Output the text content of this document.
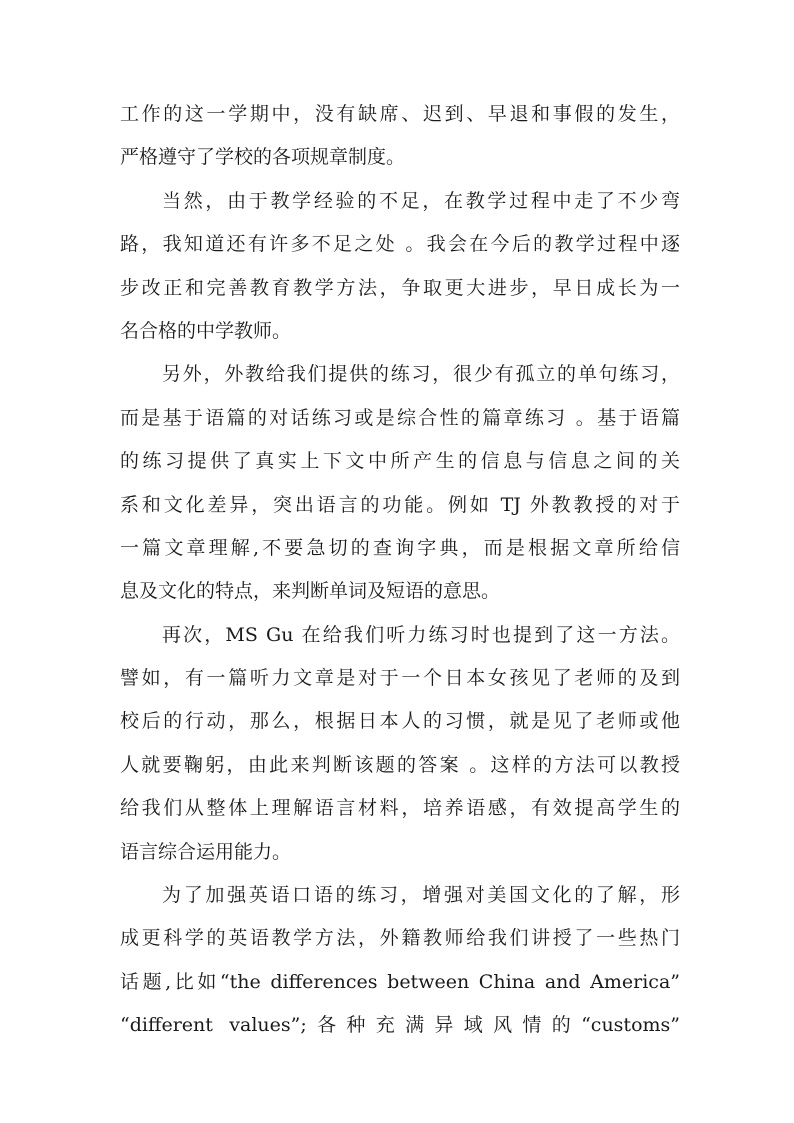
工作的这一学期中，没有缺席、迟到、早退和事假的发生，
严格遵守了学校的各项规章制度。
当然，由于教学经验的不足，在教学过程中走了不少弯
路，我知道还有许多不足之处 。我会在今后的教学过程中逐
步改正和完善教育教学方法，争取更大进步，早日成长为一
名合格的中学教师。
另外，外教给我们提供的练习，很少有孤立的单句练习，
而是基于语篇的对话练习或是综合性的篇章练习 。基于语篇
的练习提供了真实上下文中所产生的信息与信息之间的关
系和文化差异，突出语言的功能。例如 TJ 外教教授的对于
一篇文章理解,不要急切的查询字典，而是根据文章所给信
息及文化的特点，来判断单词及短语的意思。
再次，MS Gu 在给我们听力练习时也提到了这一方法。
譬如，有一篇听力文章是对于一个日本女孩见了老师的及到
校后的行动，那么，根据日本人的习惯，就是见了老师或他
人就要鞠躬，由此来判断该题的答案 。这样的方法可以教授
给我们从整体上理解语言材料，培养语感，有效提高学生的
语言综合运用能力。
为了加强英语口语的练习，增强对美国文化的了解，形
成更科学的英语教学方法，外籍教师给我们讲授了一些热门
话题,比如“the differences between China and America”
“different values”;各种充满异域风情的“customs”
